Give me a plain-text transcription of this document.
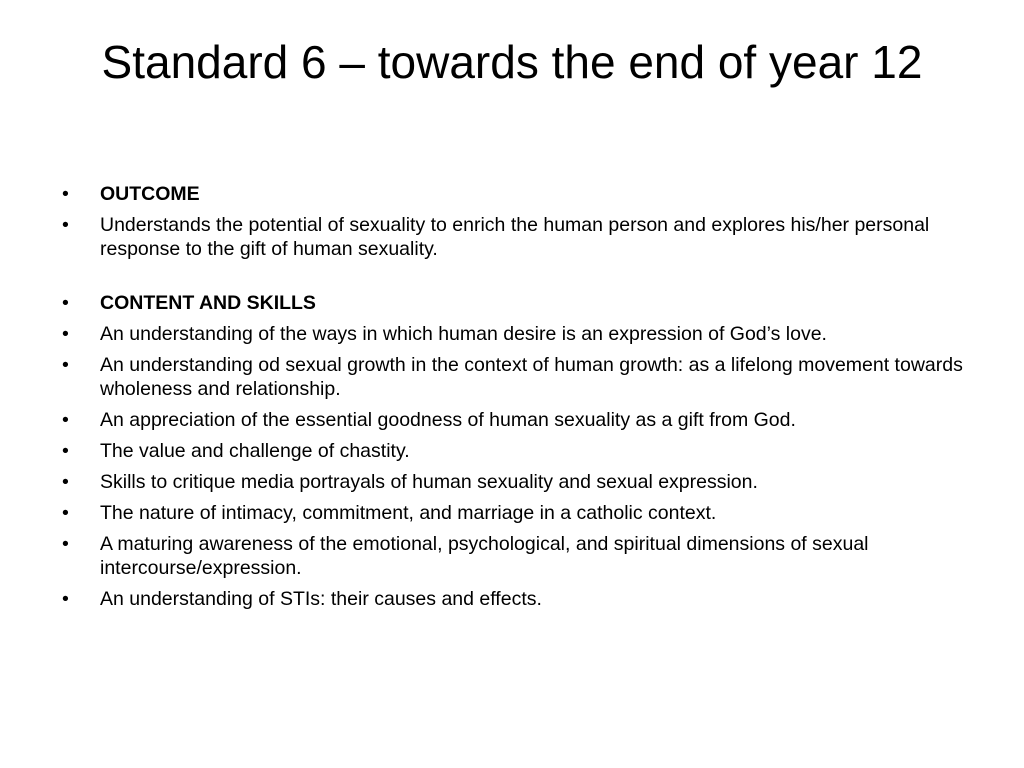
Standard 6 – towards the end of year 12
•	OUTCOME
•	Understands the potential of sexuality to enrich the human person and explores his/her personal response to the gift of human sexuality.
•	CONTENT AND SKILLS
•	An understanding of the ways in which human desire is an expression of God’s love.
•	An understanding od sexual growth in the context of human growth: as a lifelong movement towards wholeness and relationship.
•	An appreciation of the essential goodness of human sexuality as a gift from God.
•	The value and challenge of chastity.
•	Skills to critique media portrayals of human sexuality and sexual expression.
•	The nature of intimacy, commitment, and marriage in a catholic context.
•	A maturing awareness of the emotional, psychological, and spiritual dimensions of sexual intercourse/expression.
•	An understanding of STIs: their causes and effects.
